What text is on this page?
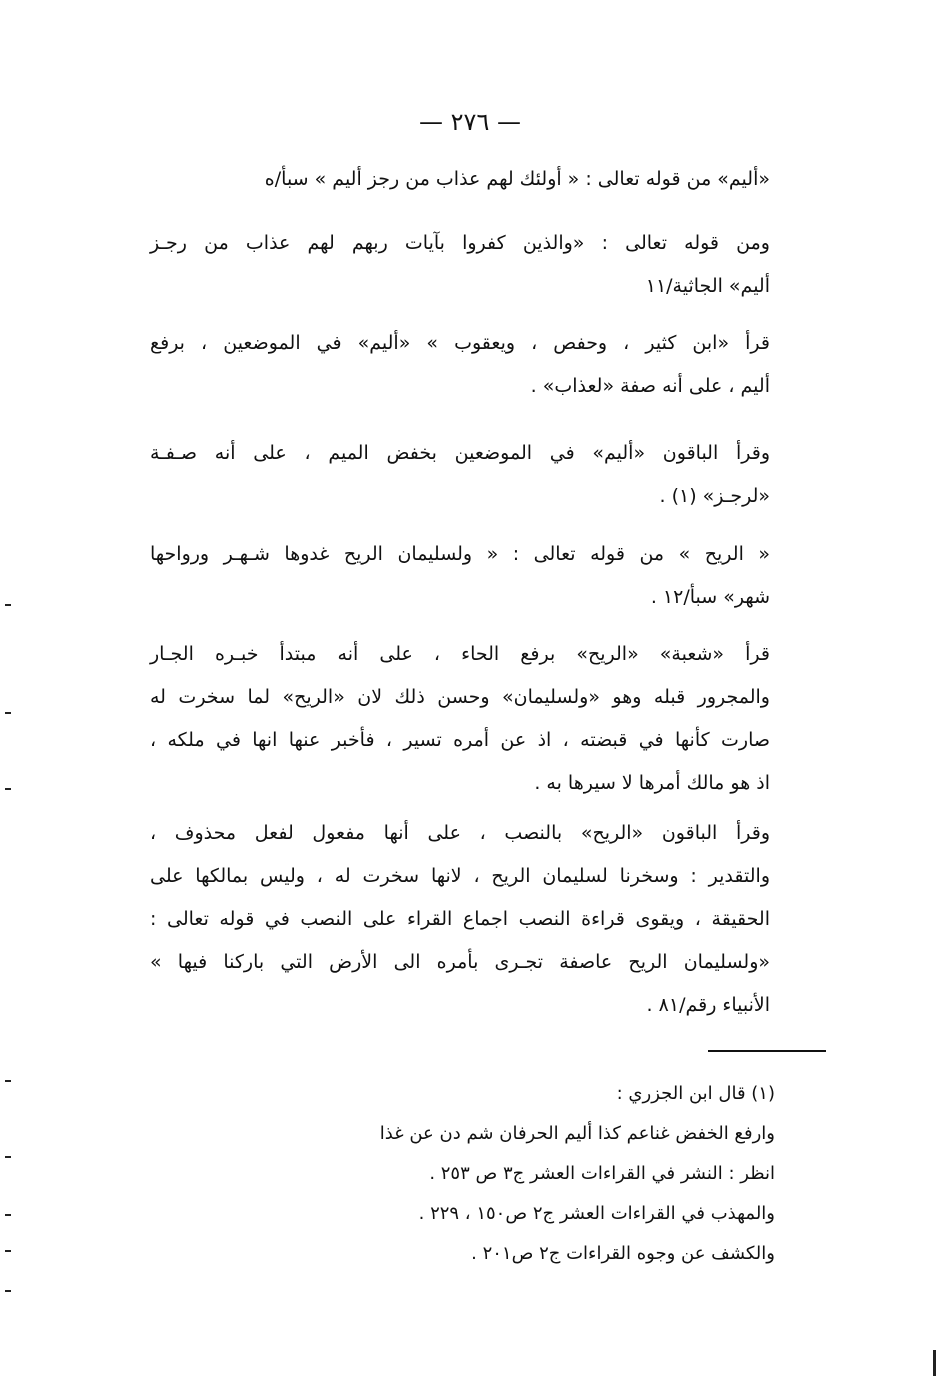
— ٢٧٦ —
«أليم» من قوله تعالى : « أولئك لهم عذاب من رجز أليم » سبأ/ه
ومن قوله تعالى : «والذين كفروا بآيات ربهم لهم عذاب من رجـز
أليم» الجاثية/١١
قرأ «ابن كثير ، وحفص ، ويعقوب » «أليم» في الموضعين ، برفع
أليم ، على أنه صفة «لعذاب» .
وقرأ الباقون «أليم» في الموضعين بخفض الميم ، على أنه صـفـة
«لرجـز» (١) .
« الريح » من قوله تعالى : « ولسليمان الريح غدوها شـهـر ورواحها
شهر» سبأ/١٢ .
قرأ «شعبة» «الريح» برفع الحاء ، على أنه مبتدأ خبـره الجـار
والمجرور قبله وهو «ولسليمان» وحسن ذلك لان «الريح» لما سخرت له
صارت كأنها في قبضته ، اذ عن أمره تسير ، فأخبر عنها انها في ملكه ،
اذ هو مالك أمرها لا سيرها به .
وقرأ الباقون «الريح» بالنصب ، على أنها مفعول لفعل محذوف ،
والتقدير : وسخرنا لسليمان الريح ، لانها سخرت له ، وليس بمالكها على
الحقيقة ، ويقوى قراءة النصب اجماع القراء على النصب في قوله تعالى :
«ولسليمان الريح عاصفة تجـرى بأمره الى الأرض التي باركنا فيها »
الأنبياء رقم/٨١ .
(١) قال ابن الجزري :
وارفع الخفض غناعم كذا أليم الحرفان شم دن عن غذا
انظر : النشر في القراءات العشر ج٣ ص ٢٥٣ .
والمهذب في القراءات العشر ج٢ ص١٥٠ ، ٢٢٩ .
والكشف عن وجوه القراءات ج٢ ص٢٠١ .
